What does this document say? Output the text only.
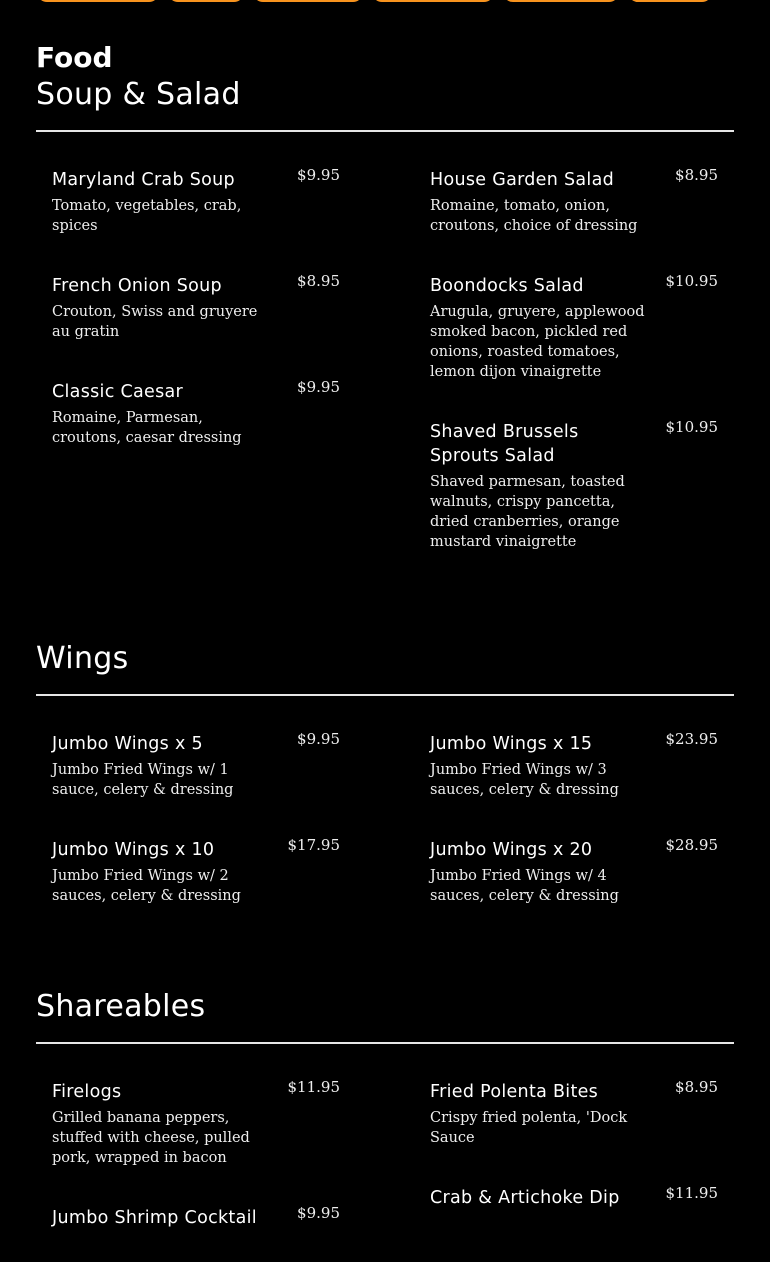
Food
Soup & Salad
Maryland Crab Soup	$9.95
Tomato, vegetables, crab, spices
French Onion Soup	$8.95
Crouton, Swiss and gruyere au gratin
Classic Caesar	$9.95
Romaine, Parmesan, croutons, caesar dressing
House Garden Salad	$8.95
Romaine, tomato, onion, croutons, choice of dressing
Boondocks Salad	$10.95
Arugula, gruyere, applewood smoked bacon, pickled red onions, roasted tomatoes, lemon dijon vinaigrette
Shaved Brussels Sprouts Salad
$10.95
Shaved parmesan, toasted walnuts, crispy pancetta, dried cranberries, orange mustard vinaigrette
Wings
Jumbo Wings x 5	$9.95
Jumbo Fried Wings w/ 1 sauce, celery & dressing
Jumbo Wings x 10	$17.95
Jumbo Fried Wings w/ 2 sauces, celery & dressing
Jumbo Wings x 15	$23.95
Jumbo Fried Wings w/ 3 sauces, celery & dressing
Jumbo Wings x 20	$28.95
Jumbo Fried Wings w/ 4 sauces, celery & dressing
Shareables
Firelogs	$11.95
Grilled banana peppers, stuffed with cheese, pulled pork, wrapped in bacon
Jumbo Shrimp Cocktail	$9.95
Fried Polenta Bites	$8.95
Crispy fried polenta, 'Dock Sauce
Crab & Artichoke Dip	$11.95
